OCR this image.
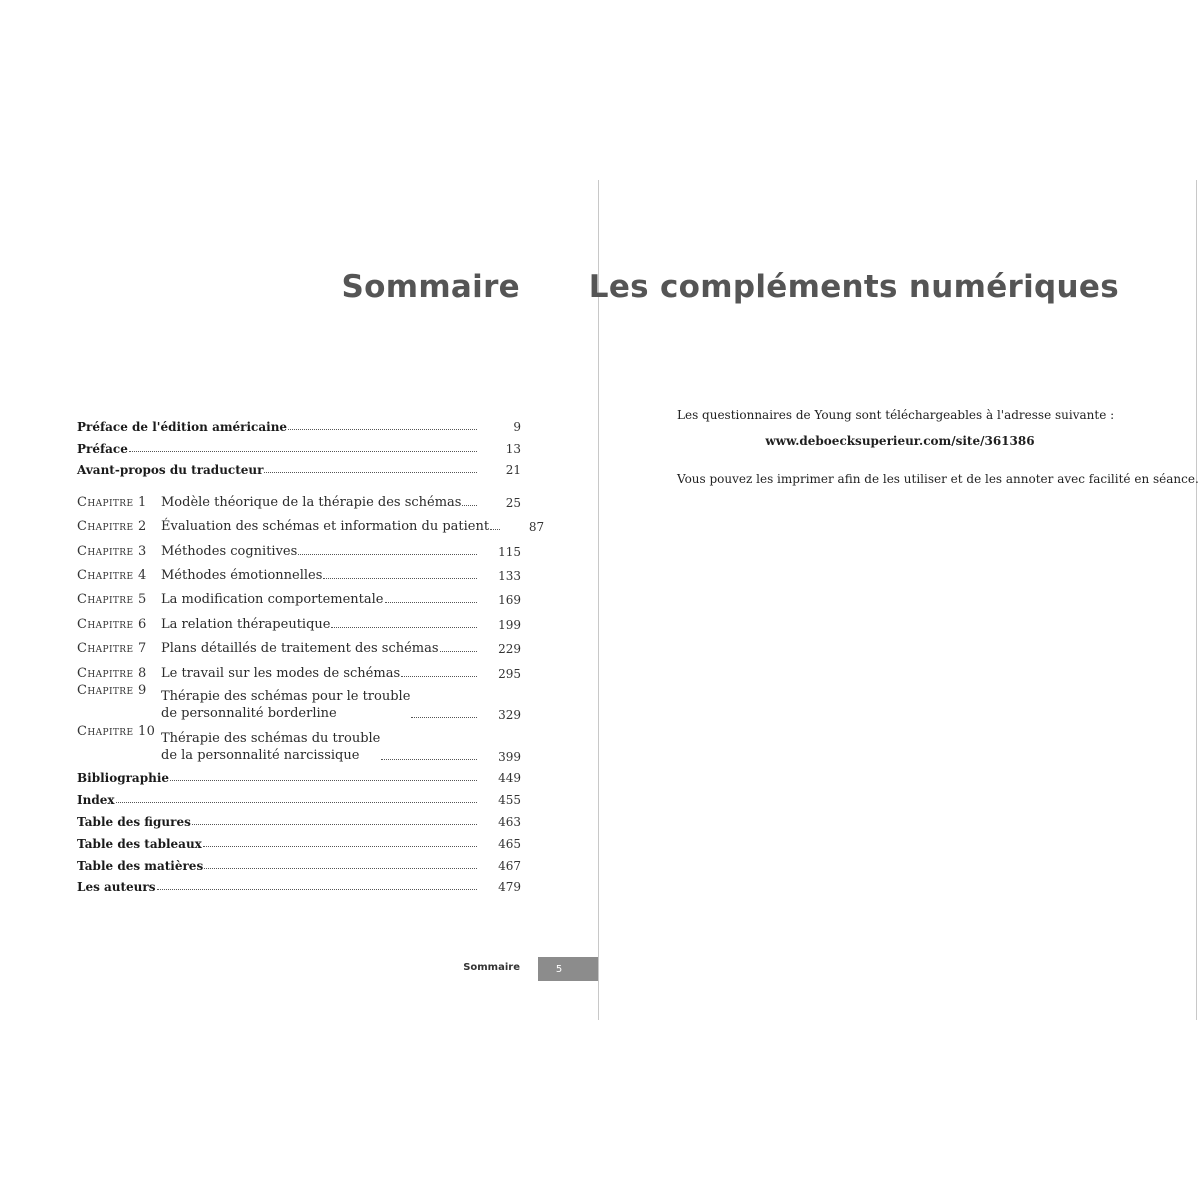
Sommaire Les compléments numériques
Préface de l'édition américaine	9
Préface	13
Avant-propos du traducteur	21
Chapitre 1	Modèle théorique de la thérapie des schémas	25
Chapitre 2	Évaluation des schémas et information du patient	87
Chapitre 3	Méthodes cognitives	115
Chapitre 4	Méthodes émotionnelles	133
Chapitre 5	La modification comportementale	169
Chapitre 6	La relation thérapeutique	199
Chapitre 7	Plans détaillés de traitement des schémas	229
Chapitre 8	Le travail sur les modes de schémas	295
Chapitre 9	Thérapie des schémas pour le trouble
de personnalité borderline	329
Chapitre 10 Thérapie des schémas du trouble
de la personnalité narcissique	399
Bibliographie	449
Index	455
Table des figures	463
Table des tableaux	465
Table des matières	467
Les auteurs	479
Les questionnaires de Young sont téléchargeables à l'adresse suivante :
www.deboecksuperieur.com/site/361386
Vous pouvez les imprimer afin de les utiliser et de les annoter avec facilité en séance.
Sommaire	5
